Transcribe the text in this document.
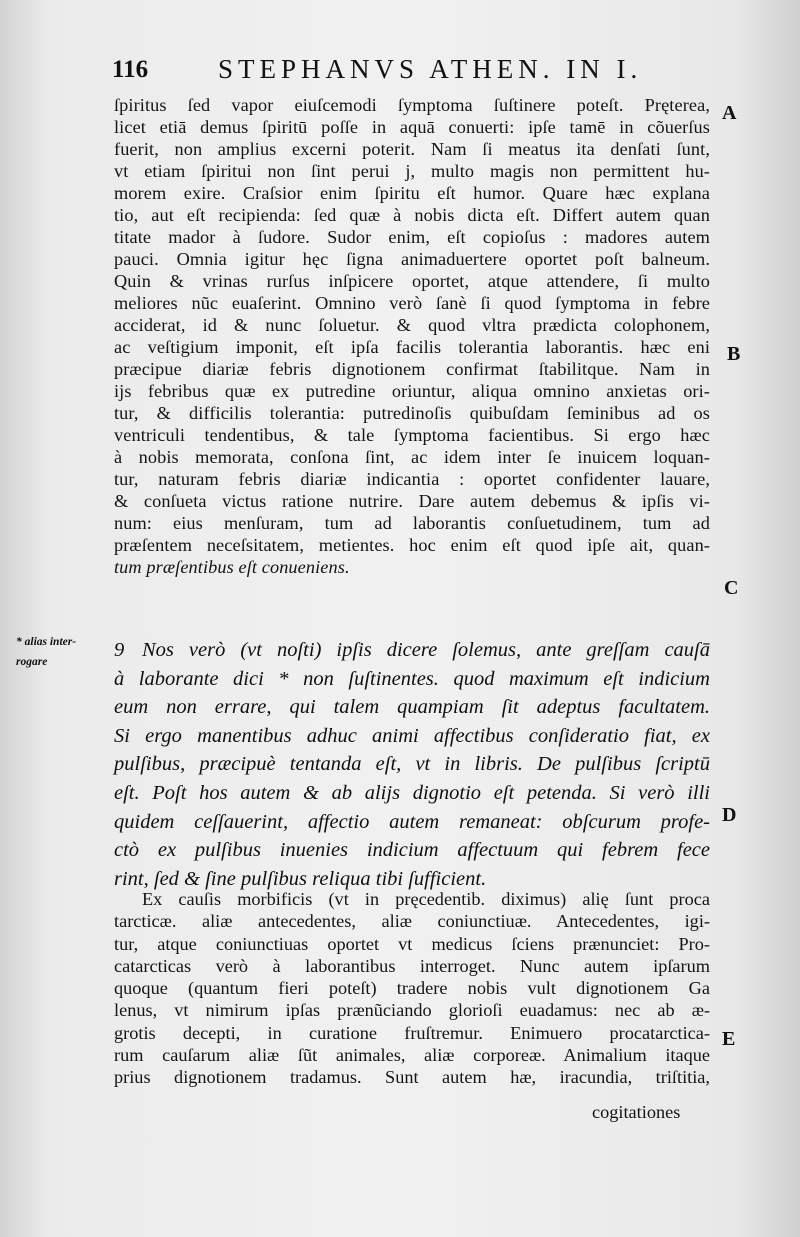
116	STEPHANVS ATHEN. IN I.
A
B
C
D
E
* alias inter-
rogare
ſpiritus ſed vapor eiuſcemodi ſymptoma ſuſtinere poteſt. Pręterea,
licet etiā demus ſpiritū poſſe in aquā conuerti: ipſe tamē in cõuerſus
fuerit, non amplius excerni poterit. Nam ſi meatus ita denſati ſunt,
vt etiam ſpiritui non ſint perui j, multo magis non permittent hu-
morem exire. Craſsior enim ſpiritu eſt humor. Quare hæc explana
tio, aut eſt recipienda: ſed quæ à nobis dicta eſt. Differt autem quan
titate mador à ſudore. Sudor enim, eſt copioſus : madores autem
pauci. Omnia igitur hęc ſigna animaduertere oportet poſt balneum.
Quin & vrinas rurſus inſpicere oportet, atque attendere, ſi multo
meliores nũc euaſerint. Omnino verò ſanè ſi quod ſymptoma in febre
acciderat, id & nunc ſoluetur. & quod vltra prædicta colophonem,
ac veſtigium imponit, eſt ipſa facilis tolerantia laborantis. hæc eni
præcipue diariæ febris dignotionem confirmat ſtabilitque. Nam in
ijs febribus quæ ex putredine oriuntur, aliqua omnino anxietas ori-
tur, & difficilis tolerantia: putredinoſis quibuſdam ſeminibus ad os
ventriculi tendentibus, & tale ſymptoma facientibus. Si ergo hæc
à nobis memorata, conſona ſint, ac idem inter ſe inuicem loquan-
tur, naturam febris diariæ indicantia : oportet confidenter lauare,
& conſueta victus ratione nutrire. Dare autem debemus & ipſis vi-
num: eius menſuram, tum ad laborantis conſuetudinem, tum ad
præſentem neceſsitatem, metientes. hoc enim eſt quod ipſe ait, quan-
tum præſentibus eſt conueniens.
9 Nos verò (vt noſti) ipſis dicere ſolemus, ante greſſam cauſā
à laborante dici * non ſuſtinentes. quod maximum eſt indicium
eum non errare, qui talem quampiam ſit adeptus facultatem.
Si ergo manentibus adhuc animi affectibus conſideratio fiat, ex
pulſibus, præcipuè tentanda eſt, vt in libris. De pulſibus ſcriptū
eſt. Poſt hos autem & ab alijs dignotio eſt petenda. Si verò illi
quidem ceſſauerint, affectio autem remaneat: obſcurum profe-
ctò ex pulſibus inuenies indicium affectuum qui febrem fece
rint, ſed & ſine pulſibus reliqua tibi ſufficient.
Ex cauſis morbificis (vt in pręcedentib. diximus) alię ſunt proca
tarcticæ. aliæ antecedentes, aliæ coniunctiuæ. Antecedentes, igi-
tur, atque coniunctiuas oportet vt medicus ſciens prænunciet: Pro-
catarcticas verò à laborantibus interroget. Nunc autem ipſarum
quoque (quantum fieri poteſt) tradere nobis vult dignotionem Ga
lenus, vt nimirum ipſas prænũciando glorioſi euadamus: nec ab æ-
grotis decepti, in curatione fruſtremur. Enimuero procatarctica-
rum cauſarum aliæ ſũt animales, aliæ corporeæ. Animalium itaque
prius dignotionem tradamus. Sunt autem hæ, iracundia, triſtitia,
cogitationes
